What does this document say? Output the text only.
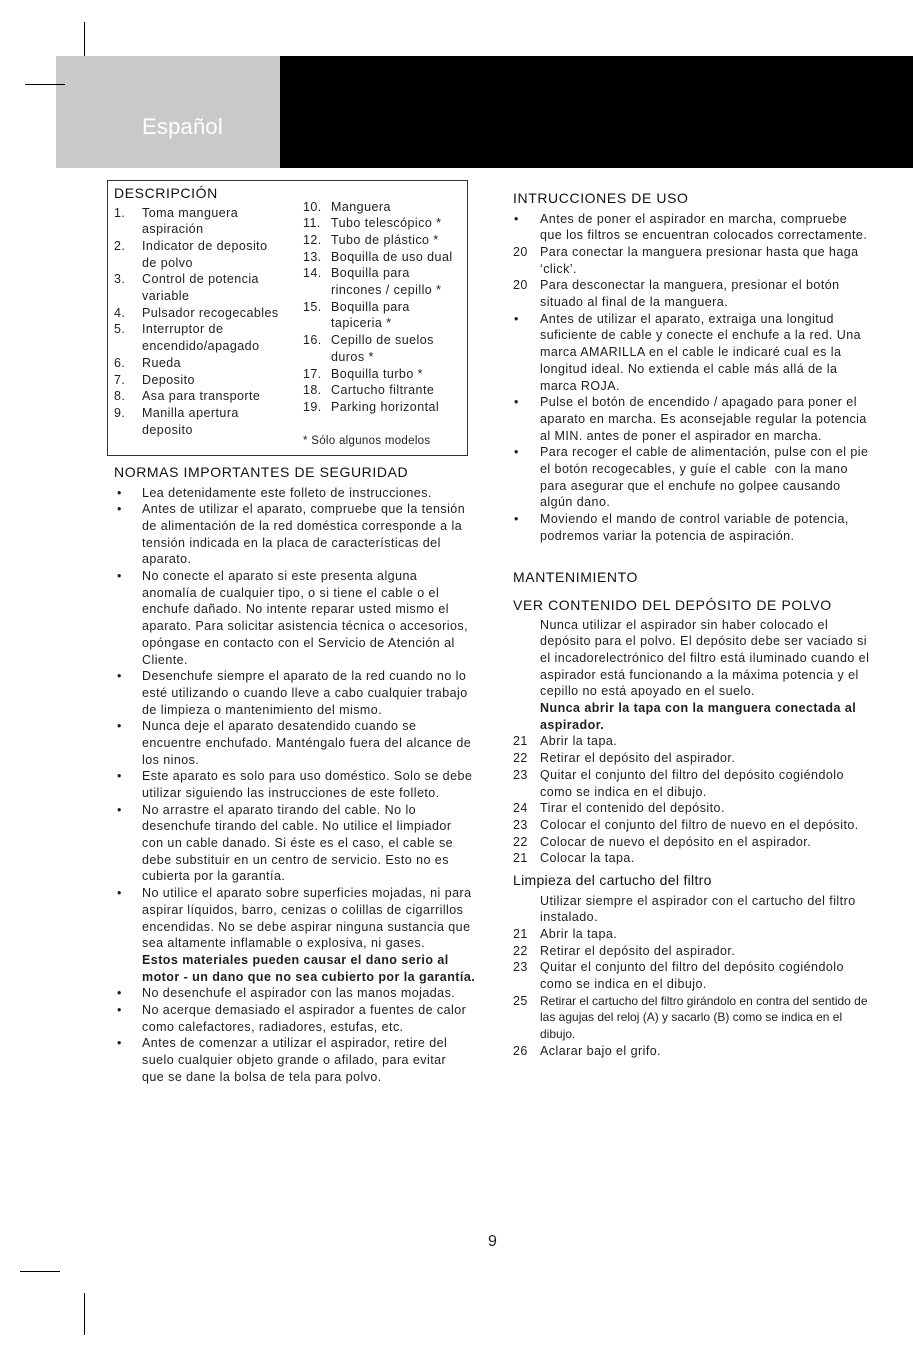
Español
DESCRIPCIÓN
1. Toma manguera
aspiración
2. Indicator de deposito
de polvo
3. Control de potencia
variable
4. Pulsador recogecables
5. Interruptor de
encendido/apagado
6. Rueda
7. Deposito
8. Asa para transporte
9. Manilla apertura
deposito
10. Manguera
11. Tubo telescópico *
12. Tubo de plástico *
13. Boquilla de uso dual
14. Boquilla para
rincones / cepillo *
15. Boquilla para
tapiceria *
16. Cepillo de suelos
duros *
17. Boquilla turbo *
18. Cartucho filtrante
19. Parking horizontal
* Sólo algunos modelos
NORMAS IMPORTANTES DE SEGURIDAD
• Lea detenidamente este folleto de instrucciones.
• Antes de utilizar el aparato, compruebe que la tensión
de alimentación de la red doméstica corresponde a la
tensión indicada en la placa de características del
aparato.
• No conecte el aparato si este presenta alguna
anomalía de cualquier tipo, o si tiene el cable o el
enchufe dañado. No intente reparar usted mismo el
aparato. Para solicitar asistencia técnica o accesorios,
opóngase en contacto con el Servicio de Atención al
Cliente.
• Desenchufe siempre el aparato de la red cuando no lo
esté utilizando o cuando lleve a cabo cualquier trabajo
de limpieza o mantenimiento del mismo.
• Nunca deje el aparato desatendido cuando se
encuentre enchufado. Manténgalo fuera del alcance de
los ninos.
• Este aparato es solo para uso doméstico. Solo se debe
utilizar siguiendo las instrucciones de este folleto.
• No arrastre el aparato tirando del cable. No lo
desenchufe tirando del cable. No utilice el limpiador
con un cable danado. Si éste es el caso, el cable se
debe substituir en un centro de servicio. Esto no es
cubierta por la garantía.
• No utilice el aparato sobre superficies mojadas, ni para
aspirar líquidos, barro, cenizas o colillas de cigarrillos
encendidas. No se debe aspirar ninguna sustancia que
sea altamente inflamable o explosiva, ni gases.
Estos materiales pueden causar el dano serio al
motor - un dano que no sea cubierto por la garantía.
• No desenchufe el aspirador con las manos mojadas.
• No acerque demasiado el aspirador a fuentes de calor
como calefactores, radiadores, estufas, etc.
• Antes de comenzar a utilizar el aspirador, retire del
suelo cualquier objeto grande o afilado, para evitar
que se dane la bolsa de tela para polvo.
INTRUCCIONES DE USO
• Antes de poner el aspirador en marcha, compruebe
que los filtros se encuentran colocados correctamente.
20 Para conectar la manguera presionar hasta que haga
‘click’.
20 Para desconectar la manguera, presionar el botón
situado al final de la manguera.
• Antes de utilizar el aparato, extraiga una longitud
suficiente de cable y conecte el enchufe a la red. Una
marca AMARILLA en el cable le indicaré cual es la
longitud ideal. No extienda el cable más allá de la
marca ROJA.
• Pulse el botón de encendido / apagado para poner el
aparato en marcha. Es aconsejable regular la potencia
al MIN. antes de poner el aspirador en marcha.
• Para recoger el cable de alimentación, pulse con el pie
el botón recogecables, y guíe el cable  con la mano
para asegurar que el enchufe no golpee causando
algún dano.
• Moviendo el mando de control variable de potencia,
podremos variar la potencia de aspiración.
MANTENIMIENTO
VER CONTENIDO DEL DEPÓSITO DE POLVO
Nunca utilizar el aspirador sin haber colocado el
depósito para el polvo. El depósito debe ser vaciado si
el incadorelectrónico del filtro está iluminado cuando el
aspirador está funcionando a la máxima potencia y el
cepillo no está apoyado en el suelo.
Nunca abrir la tapa con la manguera conectada al
aspirador.
21 Abrir la tapa.
22 Retirar el depósito del aspirador.
23 Quitar el conjunto del filtro del depósito cogiéndolo
como se indica en el dibujo.
24 Tirar el contenido del depósito.
23 Colocar el conjunto del filtro de nuevo en el depósito.
22 Colocar de nuevo el depósito en el aspirador.
21 Colocar la tapa.
Limpieza del cartucho del filtro
Utilizar siempre el aspirador con el cartucho del filtro
instalado.
21 Abrir la tapa.
22 Retirar el depósito del aspirador.
23 Quitar el conjunto del filtro del depósito cogiéndolo
como se indica en el dibujo.
25 Retirar el cartucho del filtro girándolo en contra del sentido de
las agujas del reloj (A) y sacarlo (B) como se indica en el
dibujo.
26 Aclarar bajo el grifo.
9
